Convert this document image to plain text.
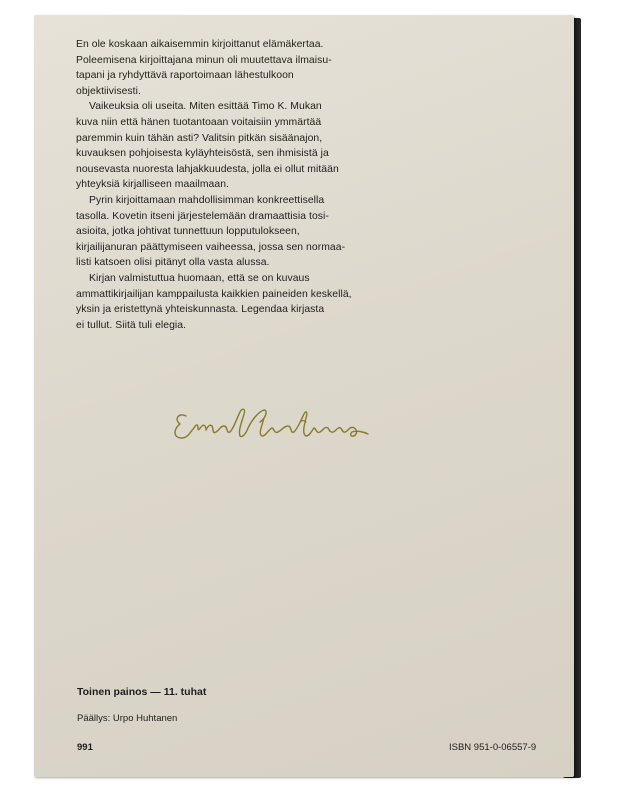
En ole koskaan aikaisemmin kirjoittanut elämäkertaa.
Poleemisena kirjoittajana minun oli muutettava ilmaisu-
tapani ja ryhdyttävä raportoimaan lähestulkoon
objektiivisesti.
Vaikeuksia oli useita. Miten esittää Timo K. Mukan
kuva niin että hänen tuotantoaan voitaisiin ymmärtää
paremmin kuin tähän asti? Valitsin pitkän sisäänajon,
kuvauksen pohjoisesta kyläyhteisöstä, sen ihmisistä ja
nousevasta nuoresta lahjakkuudesta, jolla ei ollut mitään
yhteyksiä kirjalliseen maailmaan.
Pyrin kirjoittamaan mahdollisimman konkreettisella
tasolla. Kovetin itseni järjestelemään dramaattisia tosi-
asioita, jotka johtivat tunnettuun lopputulokseen,
kirjailijanuran päättymiseen vaiheessa, jossa sen normaa-
listi katsoen olisi pitänyt olla vasta alussa.
Kirjan valmistuttua huomaan, että se on kuvaus
ammattikirjailijan kamppailusta kaikkien paineiden keskellä,
yksin ja eristettynä yhteiskunnasta. Legendaa kirjasta
ei tullut. Siitä tuli elegia.
Toinen painos — 11. tuhat
Päällys: Urpo Huhtanen
991	ISBN 951-0-06557-9
